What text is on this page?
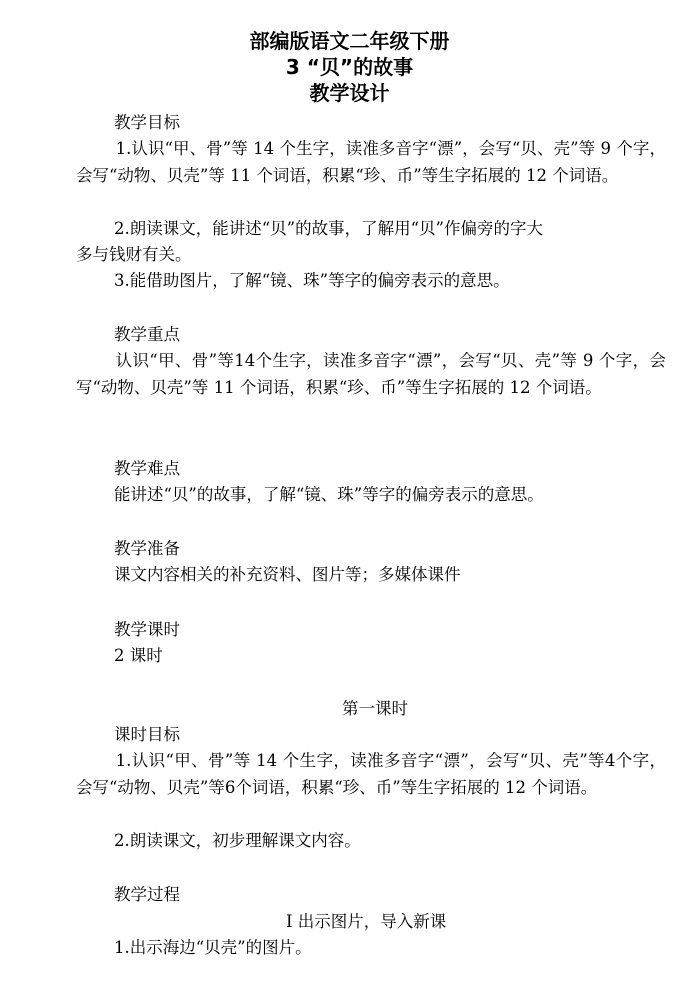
部编版语文二年级下册
3 “贝”的故事
教学设计
教学目标
1.认识“甲、骨”等 14 个生字，读准多音字“漂”，会写“贝、壳”等 9 个字，会写“动物、贝壳”等 11 个词语，积累“珍、币”等生字拓展的 12 个词语。
2.朗读课文，能讲述“贝”的故事，了解用“贝”作偏旁的字大
多与钱财有关。
3.能借助图片，了解“镜、珠”等字的偏旁表示的意思。
教学重点
认识“甲、骨”等14个生字，读准多音字“漂”，会写“贝、壳”等 9 个字，会写“动物、贝壳”等 11 个词语，积累“珍、币”等生字拓展的 12 个词语。
教学难点
能讲述“贝”的故事，了解“镜、珠”等字的偏旁表示的意思。
教学准备
课文内容相关的补充资料、图片等；多媒体课件
教学课时
2 课时
第一课时
课时目标
1.认识“甲、骨”等 14 个生字，读准多音字“漂”，会写“贝、壳”等4个字，会写“动物、贝壳”等6个词语，积累“珍、币”等生字拓展的 12 个词语。
2.朗读课文，初步理解课文内容。
教学过程
Ⅰ 出示图片，导入新课
1.出示海边“贝壳”的图片。
